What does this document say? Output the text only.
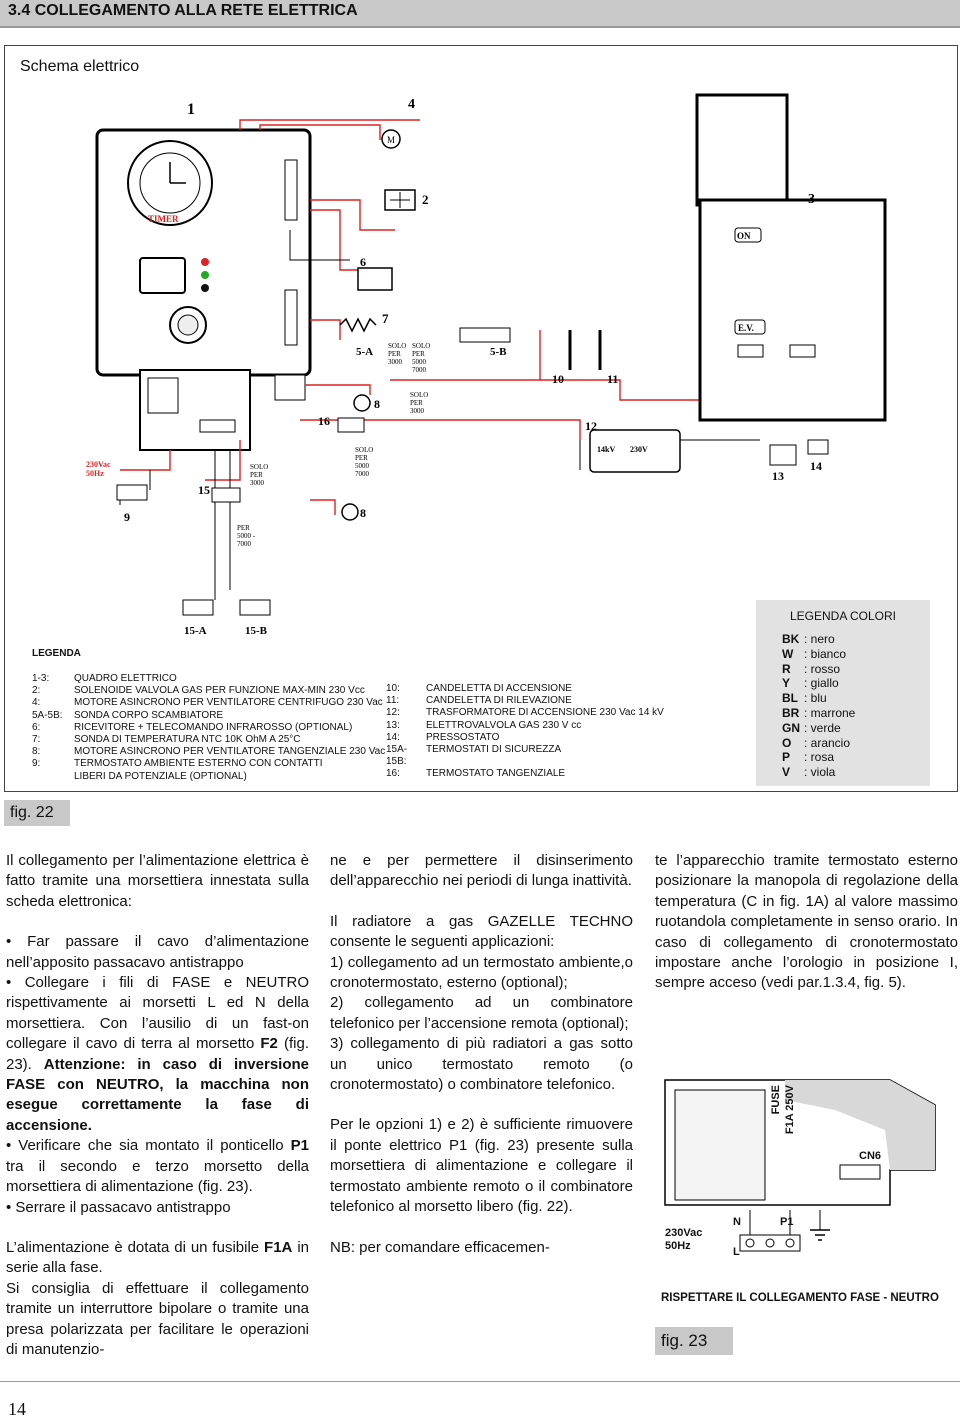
3.4 COLLEGAMENTO ALLA RETE ELETTRICA
Schema elettrico
TIMER
1
M
4
2
6
7
5-A	5-B
SOLO
PER
3000
SOLO
PER
5000
7000
SOLO
PER
3000
SOLO
PER
3000
SOLO
PER
5000
7000
PER
5000 -
7000
8
8
16
230Vac
50Hz
9
15
15-A	15-B
10	11
14kV 230V
12
ON
E.V.
3
13
14
LEGENDA
1-3:	QUADRO ELETTRICO
2:	SOLENOIDE VALVOLA GAS PER FUNZIONE MAX-MIN 230 Vcc
4:	MOTORE ASINCRONO PER VENTILATORE CENTRIFUGO 230 Vac
5A-5B:	SONDA CORPO SCAMBIATORE
6:	RICEVITORE + TELECOMANDO INFRAROSSO (OPTIONAL)
7:	SONDA DI TEMPERATURA NTC 10K OhM A 25°C
8:	MOTORE ASINCRONO PER VENTILATORE TANGENZIALE 230 Vac
9:	TERMOSTATO AMBIENTE ESTERNO CON CONTATTI LIBERI DA POTENZIALE (OPTIONAL)
10:	CANDELETTA DI ACCENSIONE
11:	CANDELETTA DI RILEVAZIONE
12:	TRASFORMATORE DI ACCENSIONE 230 Vac 14 kV
13:	ELETTROVALVOLA GAS 230 V cc
14:	PRESSOSTATO
15A-15B:
TERMOSTATI DI SICUREZZA
16:	TERMOSTATO TANGENZIALE
LEGENDA COLORI
BK : nero
W : bianco
R	: rosso
Y	: giallo
BL : blu
BR : marrone
GN : verde
O	: arancio
P	: rosa
V	: viola
fig. 22

Il collegamento per l’alimentazione elettrica è fatto tramite una morsettiera innestata sulla scheda elettronica:

• Far passare il cavo d’alimentazione nell’apposito passacavo antistrappo

• Collegare i fili di FASE e NEUTRO rispettivamente ai morsetti L ed N della morsettiera. Con l’ausilio di un fast-on collegare il cavo di terra al morsetto F2 (fig. 23). Attenzione: in caso di inversione FASE con NEUTRO, la macchina non esegue correttamente la fase di accensione.

• Verificare che sia montato il ponticello P1 tra il secondo e terzo morsetto della morsettiera di alimentazione (fig. 23).

• Serrare il passacavo antistrappo

L’alimentazione è dotata di un fusibile F1A in serie alla fase.

Si consiglia di effettuare il collegamento tramite un interruttore bipolare o tramite una presa polarizzata per facilitare le operazioni di manutenzio-

ne e per permettere il disinserimento dell’apparecchio nei periodi di lunga inattività.

Il radiatore a gas GAZELLE TECHNO consente le seguenti applicazioni:

1) collegamento ad un termostato ambiente,o cronotermostato, esterno (optional);

2) collegamento ad un combinatore telefonico per l’accensione remota (optional);

3) collegamento di più radiatori a gas sotto un unico termostato remoto (o cronotermostato) o combinatore telefonico.

Per le opzioni 1) e 2) è sufficiente rimuovere il ponte elettrico P1 (fig. 23) presente sulla morsettiera di alimentazione e collegare il termostato ambiente remoto o il combinatore telefonico al morsetto libero (fig. 22).

NB: per comandare efficacemen-

te l’apparecchio tramite termostato esterno posizionare la manopola di regolazione della temperatura (C in fig. 1A) al valore massimo ruotandola completamente in senso orario. In caso di collegamento di cronotermostato impostare anche l’orologio in posizione I, sempre acceso (vedi par.1.3.4, fig. 5).

FUSE F1A 250V
CN6
230Vac
50Hz
N
L
P1
RISPETTARE IL COLLEGAMENTO FASE - NEUTRO
fig. 23
14
